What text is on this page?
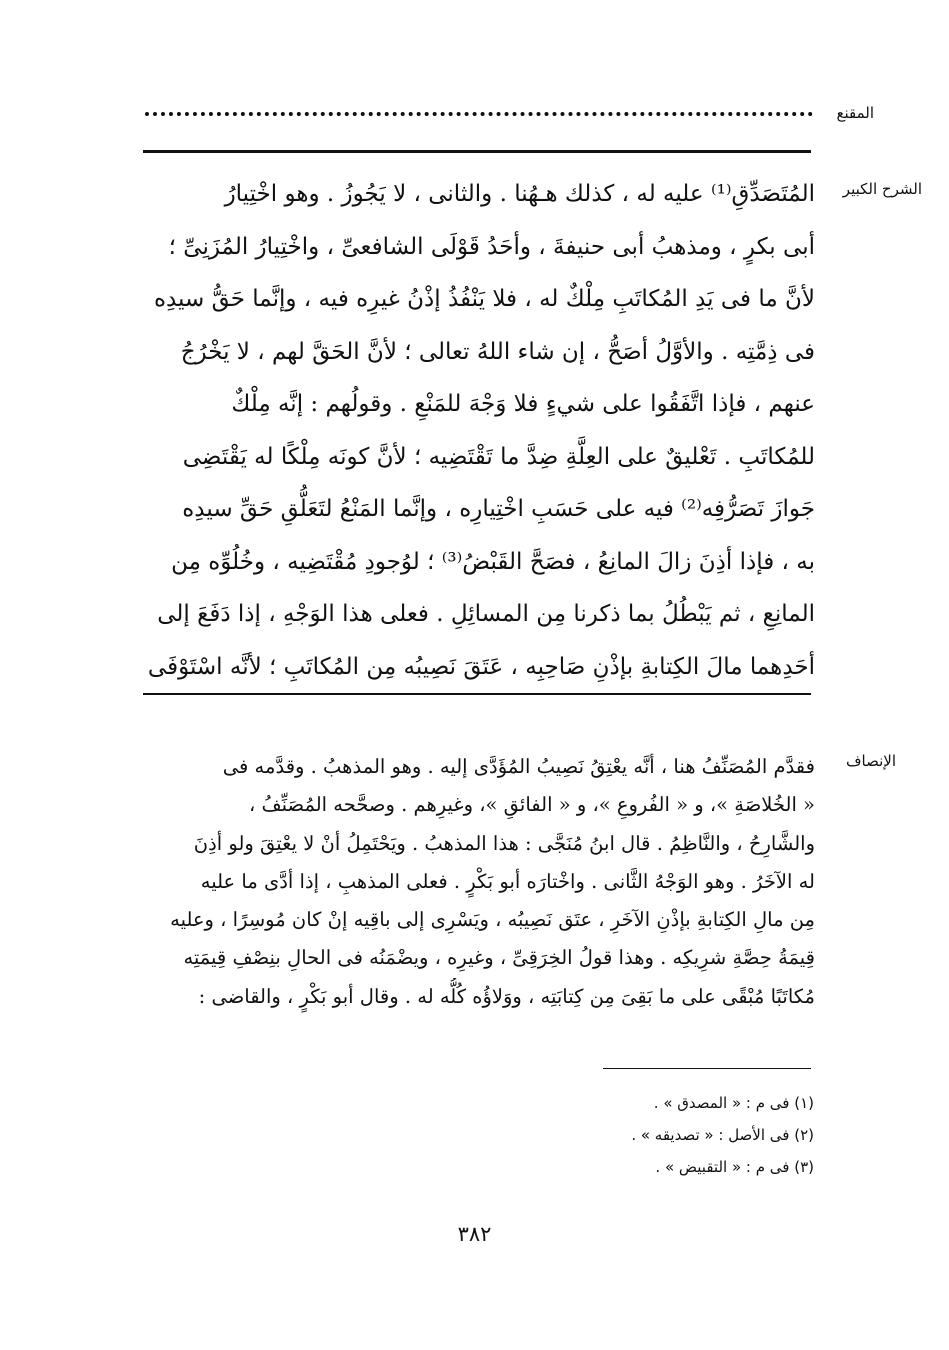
المقنع
الشرح الكبير
المُتَصَدِّقِ⁽¹⁾ عليه له ، كذلك هـهُنا . والثانى ، لا يَجُوزُ . وهو اخْتِيارُ
أبى بكرٍ ، ومذهبُ أبى حنيفةَ ، وأحَدُ قَوْلَى الشافعىِّ ، واخْتِيارُ المُزَنِىِّ ؛
لأنَّ ما فى يَدِ المُكاتَبِ مِلْكٌ له ، فلا يَنْفُذُ إذْنُ غيرِه فيه ، وإنَّما حَقُّ سيدِه
فى ذِمَّتِه . والأوَّلُ أصَحُّ ، إن شاء اللهُ تعالى ؛ لأنَّ الحَقَّ لهم ، لا يَخْرُجُ
عنهم ، فإذا اتَّفَقُوا على شيءٍ فلا وَجْهَ للمَنْعِ . وقولُهم : إنَّه مِلْكٌ
للمُكاتَبِ . تَعْليقٌ على العِلَّةِ ضِدَّ ما تَقْتَضِيه ؛ لأنَّ كونَه مِلْكًا له يَقْتَضِى
جَوازَ تَصَرُّفِه⁽²⁾ فيه على حَسَبِ اخْتِيارِه ، وإنَّما المَنْعُ لتَعَلُّقِ حَقِّ سيدِه
به ، فإذا أذِنَ زالَ المانِعُ ، فصَحَّ القَبْضُ⁽³⁾ ؛ لوُجودِ مُقْتَضِيه ، وخُلُوِّه مِن
المانِعِ ، ثم يَبْطُلُ بما ذكرنا مِن المسائِلِ . فعلى هذا الوَجْهِ ، إذا دَفَعَ إلى
أحَدِهما مالَ الكِتابةِ بإذْنِ صَاحِبِه ، عَتَقَ نَصِيبُه مِن المُكاتَبِ ؛ لأنَّه اسْتَوْفَى
الإنصاف
فقدَّم المُصَنِّفُ هنا ، أنَّه يعْتِقُ نَصِيبُ المُؤَدَّى إليه . وهو المذهبُ . وقدَّمه فى
« الخُلاصَةِ »، و « الفُروعِ »، و « الفائقِ »، وغيرِهم . وصحَّحه المُصَنِّفُ ،
والشَّارِحُ ، والنَّاظِمُ . قال ابنُ مُنَجَّى : هذا المذهبُ . ويَحْتَمِلُ أنْ لا يعْتِقَ ولو أذِنَ
له الآخَرُ . وهو الوَجْهُ الثَّانى . واخْتارَه أبو بَكْرٍ . فعلى المذهبِ ، إذا أدَّى ما عليه
مِن مالِ الكِتابةِ بإذْنِ الآخَرِ ، عتَق نَصِيبُه ، ويَسْرِى إلى باقِيه إنْ كان مُوسِرًا ، وعليه
قِيمَةُ حِصَّةِ شرِيكِه . وهذا قولُ الخِرَقِىِّ ، وغيرِه ، ويضْمَنُه فى الحالِ بنِصْفِ قِيمَتِه
مُكاتَبًا مُبْقًى على ما بَقِىَ مِن كِتابَتِه ، ووَلاؤُه كُلُّه له . وقال أبو بَكْرٍ ، والقاضى :
(١) فى م : « المصدق » .
(٢) فى الأصل : « تصديقه » .
(٣) فى م : « التقبيض » .
٣٨٢
